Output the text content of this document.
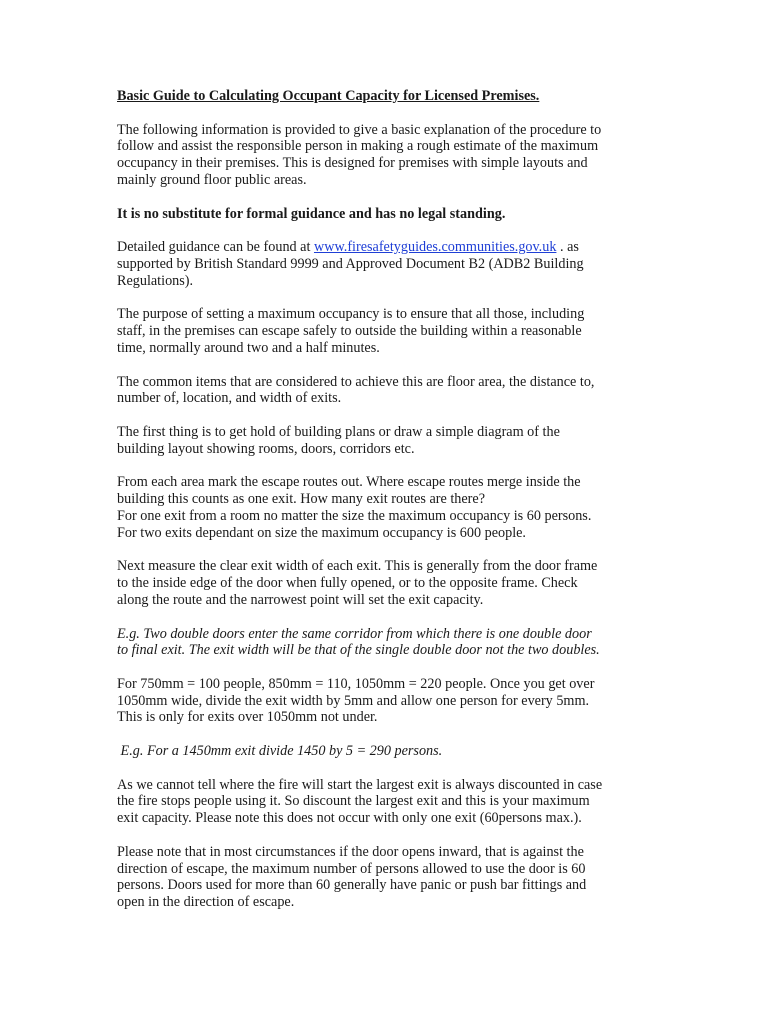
Basic Guide to Calculating Occupant Capacity for Licensed Premises.

The following information is provided to give a basic explanation of the procedure to
follow and assist the responsible person in making a rough estimate of the maximum
occupancy in their premises. This is designed for premises with simple layouts and
mainly ground floor public areas.

It is no substitute for formal guidance and has no legal standing.

Detailed guidance can be found at www.firesafetyguides.communities.gov.uk . as
supported by British Standard 9999 and Approved Document B2 (ADB2 Building
Regulations).

The purpose of setting a maximum occupancy is to ensure that all those, including
staff, in the premises can escape safely to outside the building within a reasonable
time, normally around two and a half minutes.

The common items that are considered to achieve this are floor area, the distance to,
number of, location, and width of exits.

The first thing is to get hold of building plans or draw a simple diagram of the
building layout showing rooms, doors, corridors etc.

From each area mark the escape routes out. Where escape routes merge inside the
building this counts as one exit. How many exit routes are there?
For one exit from a room no matter the size the maximum occupancy is 60 persons.
For two exits dependant on size the maximum occupancy is 600 people.

Next measure the clear exit width of each exit. This is generally from the door frame
to the inside edge of the door when fully opened, or to the opposite frame. Check
along the route and the narrowest point will set the exit capacity.

E.g. Two double doors enter the same corridor from which there is one double door
to final exit. The exit width will be that of the single double door not the two doubles.

For 750mm = 100 people, 850mm = 110, 1050mm = 220 people. Once you get over
1050mm wide, divide the exit width by 5mm and allow one person for every 5mm.
This is only for exits over 1050mm not under.

E.g. For a 1450mm exit divide 1450 by 5 = 290 persons.

As we cannot tell where the fire will start the largest exit is always discounted in case
the fire stops people using it. So discount the largest exit and this is your maximum
exit capacity. Please note this does not occur with only one exit (60persons max.).

Please note that in most circumstances if the door opens inward, that is against the
direction of escape, the maximum number of persons allowed to use the door is 60
persons. Doors used for more than 60 generally have panic or push bar fittings and
open in the direction of escape.
